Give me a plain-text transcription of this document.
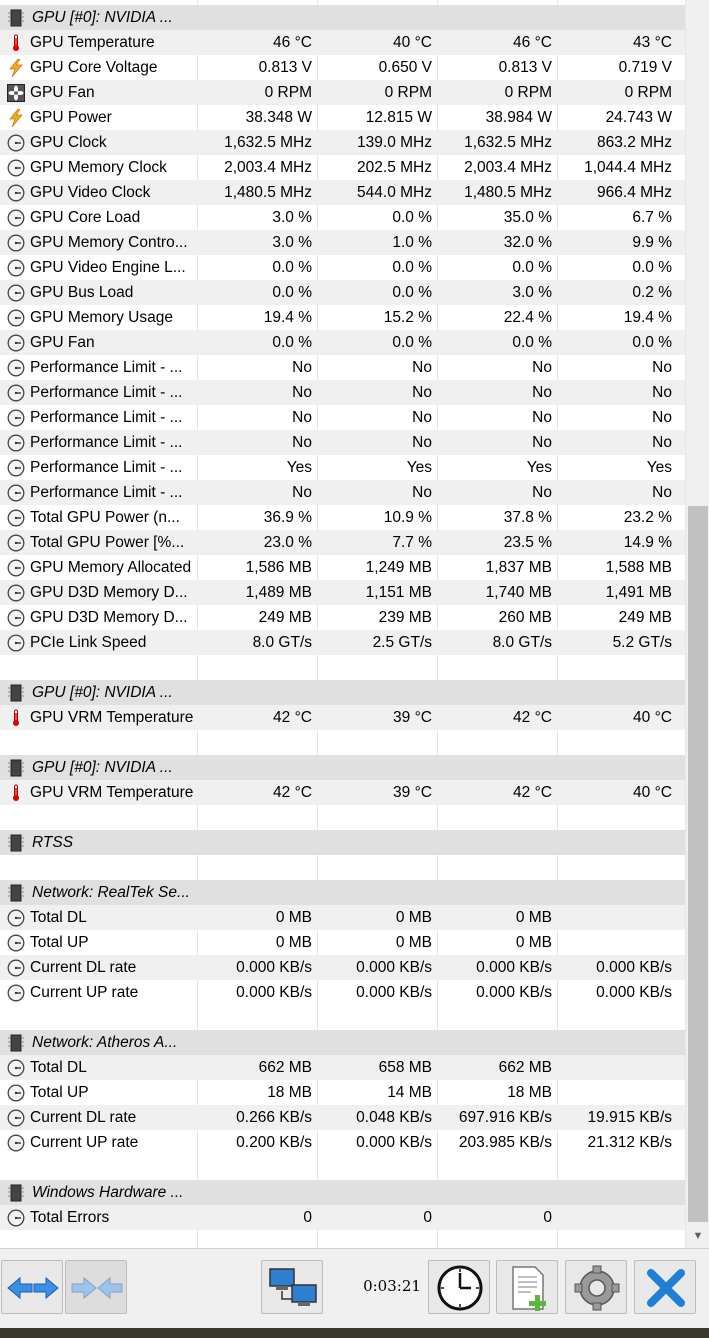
GPU [#0]: NVIDIA ...
GPU Temperature	46 °C	40 °C	46 °C	43 °C
GPU Core Voltage	0.813 V	0.650 V	0.813 V	0.719 V
GPU Fan	0 RPM	0 RPM	0 RPM	0 RPM
GPU Power	38.348 W	12.815 W	38.984 W	24.743 W
GPU Clock	1,632.5 MHz	139.0 MHz	1,632.5 MHz	863.2 MHz
GPU Memory Clock	2,003.4 MHz	202.5 MHz	2,003.4 MHz	1,044.4 MHz
GPU Video Clock	1,480.5 MHz	544.0 MHz	1,480.5 MHz	966.4 MHz
GPU Core Load	3.0 %	0.0 %	35.0 %	6.7 %
GPU Memory Contro...	3.0 %	1.0 %	32.0 %	9.9 %
GPU Video Engine L...	0.0 %	0.0 %	0.0 %	0.0 %
GPU Bus Load	0.0 %	0.0 %	3.0 %	0.2 %
GPU Memory Usage	19.4 %	15.2 %	22.4 %	19.4 %
GPU Fan	0.0 %	0.0 %	0.0 %	0.0 %
Performance Limit - ...	No	No	No	No
Performance Limit - ...	No	No	No	No
Performance Limit - ...	No	No	No	No
Performance Limit - ...	No	No	No	No
Performance Limit - ...	Yes	Yes	Yes	Yes
Performance Limit - ...	No	No	No	No
Total GPU Power (n...	36.9 %	10.9 %	37.8 %	23.2 %
Total GPU Power [%...	23.0 %	7.7 %	23.5 %	14.9 %
GPU Memory Allocated	1,586 MB	1,249 MB	1,837 MB	1,588 MB
GPU D3D Memory D...	1,489 MB	1,151 MB	1,740 MB	1,491 MB
GPU D3D Memory D...	249 MB	239 MB	260 MB	249 MB
PCIe Link Speed	8.0 GT/s	2.5 GT/s	8.0 GT/s	5.2 GT/s
GPU [#0]: NVIDIA ...
GPU VRM Temperature	42 °C	39 °C	42 °C	40 °C
GPU [#0]: NVIDIA ...
GPU VRM Temperature	42 °C	39 °C	42 °C	40 °C
RTSS
Network: RealTek Se...
Total DL	0 MB	0 MB	0 MB
Total UP	0 MB	0 MB	0 MB
Current DL rate	0.000 KB/s	0.000 KB/s	0.000 KB/s	0.000 KB/s
Current UP rate	0.000 KB/s	0.000 KB/s	0.000 KB/s	0.000 KB/s
Network: Atheros A...
Total DL	662 MB	658 MB	662 MB
Total UP	18 MB	14 MB	18 MB
Current DL rate	0.266 KB/s	0.048 KB/s	697.916 KB/s	19.915 KB/s
Current UP rate	0.200 KB/s	0.000 KB/s	203.985 KB/s	21.312 KB/s
Windows Hardware ...
Total Errors	0	0	0
▼
0:03:21
